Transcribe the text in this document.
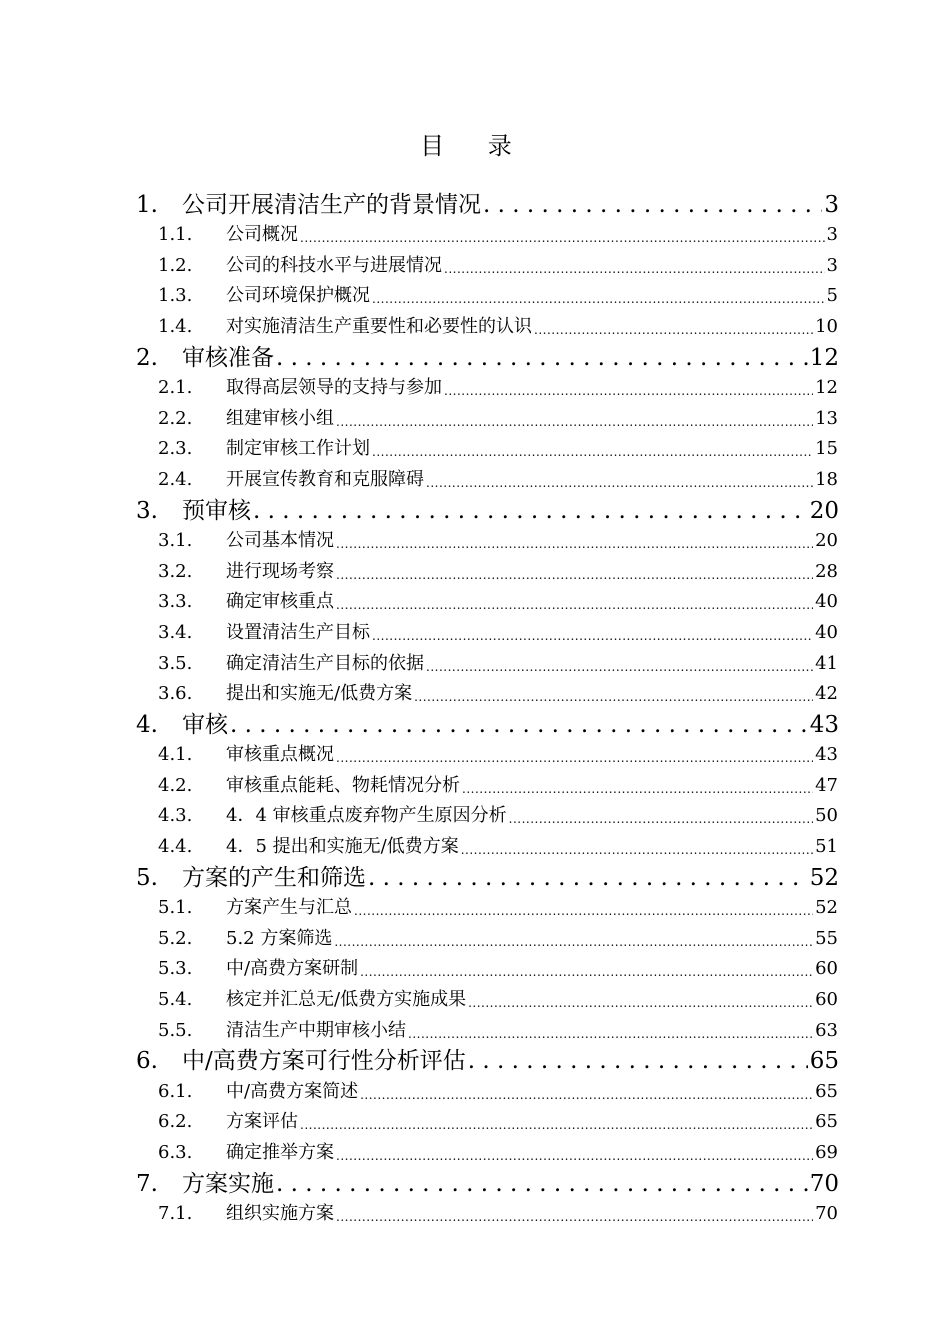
目 录
1.	公司开展清洁生产的背景情况 . . .	3
1.1.	公司概况 .....	3
1.2.	公司的科技水平与进展情况 .....	3
1.3.	公司环境保护概况 .....	5
1.4.	对实施清洁生产重要性和必要性的认识 .....	10
2.	审核准备 . . .	12
2.1.	取得高层领导的支持与参加 .....	12
2.2.	组建审核小组 .....	13
2.3.	制定审核工作计划 .....	15
2.4.	开展宣传教育和克服障碍 .....	18
3.	预审核 . . .	20
3.1.	公司基本情况 .....	20
3.2.	进行现场考察 .....	28
3.3.	确定审核重点 .....	40
3.4.	设置清洁生产目标 .....	40
3.5.	确定清洁生产目标的依据 .....	41
3.6.	提出和实施无/低费方案 .....	42
4.	审核 . . .	43
4.1.	审核重点概况 .....	43
4.2.	审核重点能耗、物耗情况分析 .....	47
4.3.	4．4 审核重点废弃物产生原因分析 .....	50
4.4.	4．5 提出和实施无/低费方案 .....	51
5.	方案的产生和筛选 . . .	52
5.1.	方案产生与汇总 .....	52
5.2.	5.2 方案筛选 .....	55
5.3.	中/高费方案研制 .....	60
5.4.	核定并汇总无/低费方实施成果 .....	60
5.5.	清洁生产中期审核小结 .....	63
6.	中/高费方案可行性分析评估 . . .	65
6.1.	中/高费方案简述 .....	65
6.2.	方案评估 .....	65
6.3.	确定推举方案 .....	69
7.	方案实施 . . .	70
7.1.	组织实施方案 .....	70
